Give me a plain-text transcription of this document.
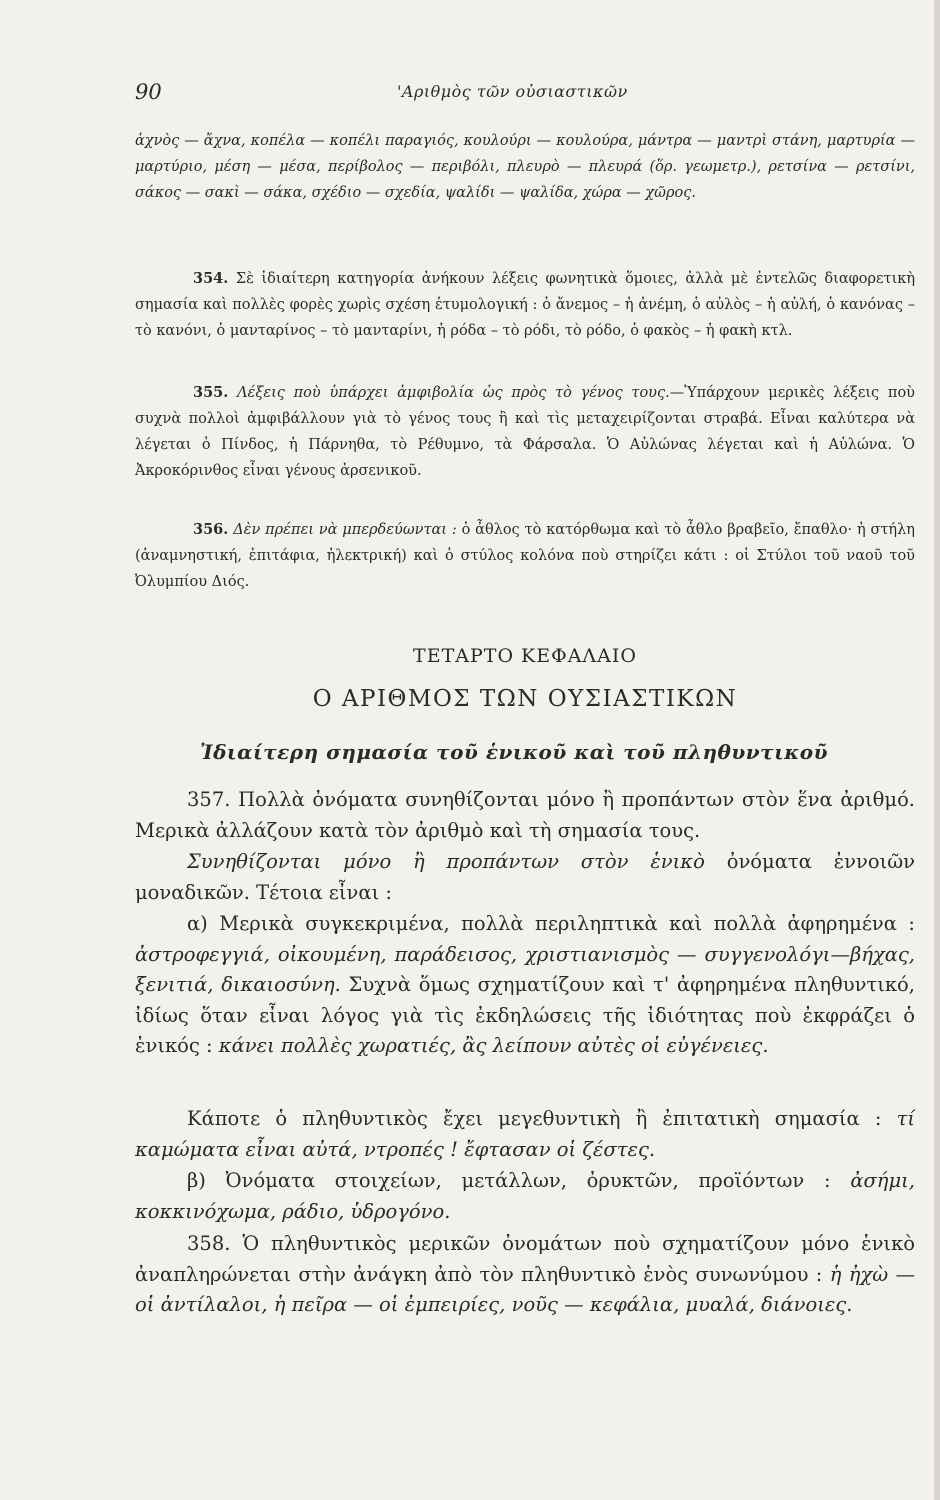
90	'Αριθμὸς τῶν οὐσιαστικῶν

ἀχνὸς — ἄχνα, κοπέλα — κοπέλι παραγιός, κουλούρι — κουλούρα, μάντρα — μαντρὶ στάνη, μαρτυρία — μαρτύριο, μέση — μέσα, περίβολος — περιβόλι, πλευρὸ — πλευρά (ὅρ. γεωμετρ.), ρετσίνα — ρετσίνι, σάκος — σακὶ — σάκα, σχέδιο — σχεδία, ψαλίδι — ψαλίδα, χώρα — χῶρος.

354. Σὲ ἰδιαίτερη κατηγορία ἀνήκουν λέξεις φωνητικὰ ὅμοιες, ἀλλὰ μὲ ἐντελῶς διαφορετικὴ σημασία καὶ πολλὲς φορὲς χωρὶς σχέση ἐτυμολογική : ὁ ἄνεμος – ἡ ἀνέμη, ὁ αὐλὸς – ἡ αὐλή, ὁ κανόνας – τὸ κανόνι, ὁ μανταρίνος – τὸ μανταρίνι, ἡ ρόδα – τὸ ρόδι, τὸ ρόδο, ὁ φακὸς – ἡ φακὴ κτλ.

355. Λέξεις ποὺ ὑπάρχει ἀμφιβολία ὡς πρὸς τὸ γένος τους.—Ὑπάρχουν μερικὲς λέξεις ποὺ συχνὰ πολλοὶ ἀμφιβάλλουν γιὰ τὸ γένος τους ἢ καὶ τὶς μεταχειρίζονται στραβά. Εἶναι καλύτερα νὰ λέγεται ὁ Πίνδος, ἡ Πάρνηθα, τὸ Ρέθυμνο, τὰ Φάρσαλα. Ὁ Αὐλώνας λέγεται καὶ ἡ Αὐλώνα. Ὁ Ἀκροκόρινθος εἶναι γένους ἀρσενικοῦ.

356. Δὲν πρέπει νὰ μπερδεύωνται : ὁ ἆθλος τὸ κατόρθωμα καὶ τὸ ἆθλο βραβεῖο, ἔπαθλο· ἡ στήλη (ἀναμνηστική, ἐπιτάφια, ἠλεκτρική) καὶ ὁ στύλος κολόνα ποὺ στηρίζει κάτι : οἱ Στύλοι τοῦ ναοῦ τοῦ Ὀλυμπίου Διός.

ΤΕΤΑΡΤΟ ΚΕΦΑΛΑΙΟ
Ο ΑΡΙΘΜΟΣ ΤΩΝ ΟΥΣΙΑΣΤΙΚΩΝ
Ἰδιαίτερη σημασία τοῦ ἑνικοῦ καὶ τοῦ πληθυντικοῦ

357. Πολλὰ ὀνόματα συνηθίζονται μόνο ἢ προπάντων στὸν ἕνα ἀριθμό. Μερικὰ ἀλλάζουν κατὰ τὸν ἀριθμὸ καὶ τὴ σημασία τους.

Συνηθίζονται μόνο ἢ προπάντων στὸν ἑνικὸ ὀνόματα ἐννοιῶν μοναδικῶν. Τέτοια εἶναι :

α) Μερικὰ συγκεκριμένα, πολλὰ περιληπτικὰ καὶ πολλὰ ἀφηρημένα : ἀστροφεγγιά, οἰκουμένη, παράδεισος, χριστιανισμὸς — συγγενολόγι—βήχας, ξενιτιά, δικαιοσύνη. Συχνὰ ὅμως σχηματίζουν καὶ τ' ἀφηρημένα πληθυντικό, ἰδίως ὅταν εἶναι λόγος γιὰ τὶς ἐκδηλώσεις τῆς ἰδιότητας ποὺ ἐκφράζει ὁ ἑνικός : κάνει πολλὲς χωρατιές, ἂς λείπουν αὐτὲς οἱ εὐγένειες.

Κάποτε ὁ πληθυντικὸς ἔχει μεγεθυντικὴ ἢ ἐπιτατικὴ σημασία : τί καμώματα εἶναι αὐτά, ντροπές ! ἔφτασαν οἱ ζέστες.

β) Ὀνόματα στοιχείων, μετάλλων, ὀρυκτῶν, προϊόντων : ἀσήμι, κοκκινόχωμα, ράδιο, ὑδρογόνο.

358. Ὁ πληθυντικὸς μερικῶν ὀνομάτων ποὺ σχηματίζουν μόνο ἑνικὸ ἀναπληρώνεται στὴν ἀνάγκη ἀπὸ τὸν πληθυντικὸ ἑνὸς συνωνύμου : ἡ ἠχὼ — οἱ ἀντίλαλοι, ἡ πεῖρα — οἱ ἐμπειρίες, νοῦς — κεφάλια, μυαλά, διάνοιες.
